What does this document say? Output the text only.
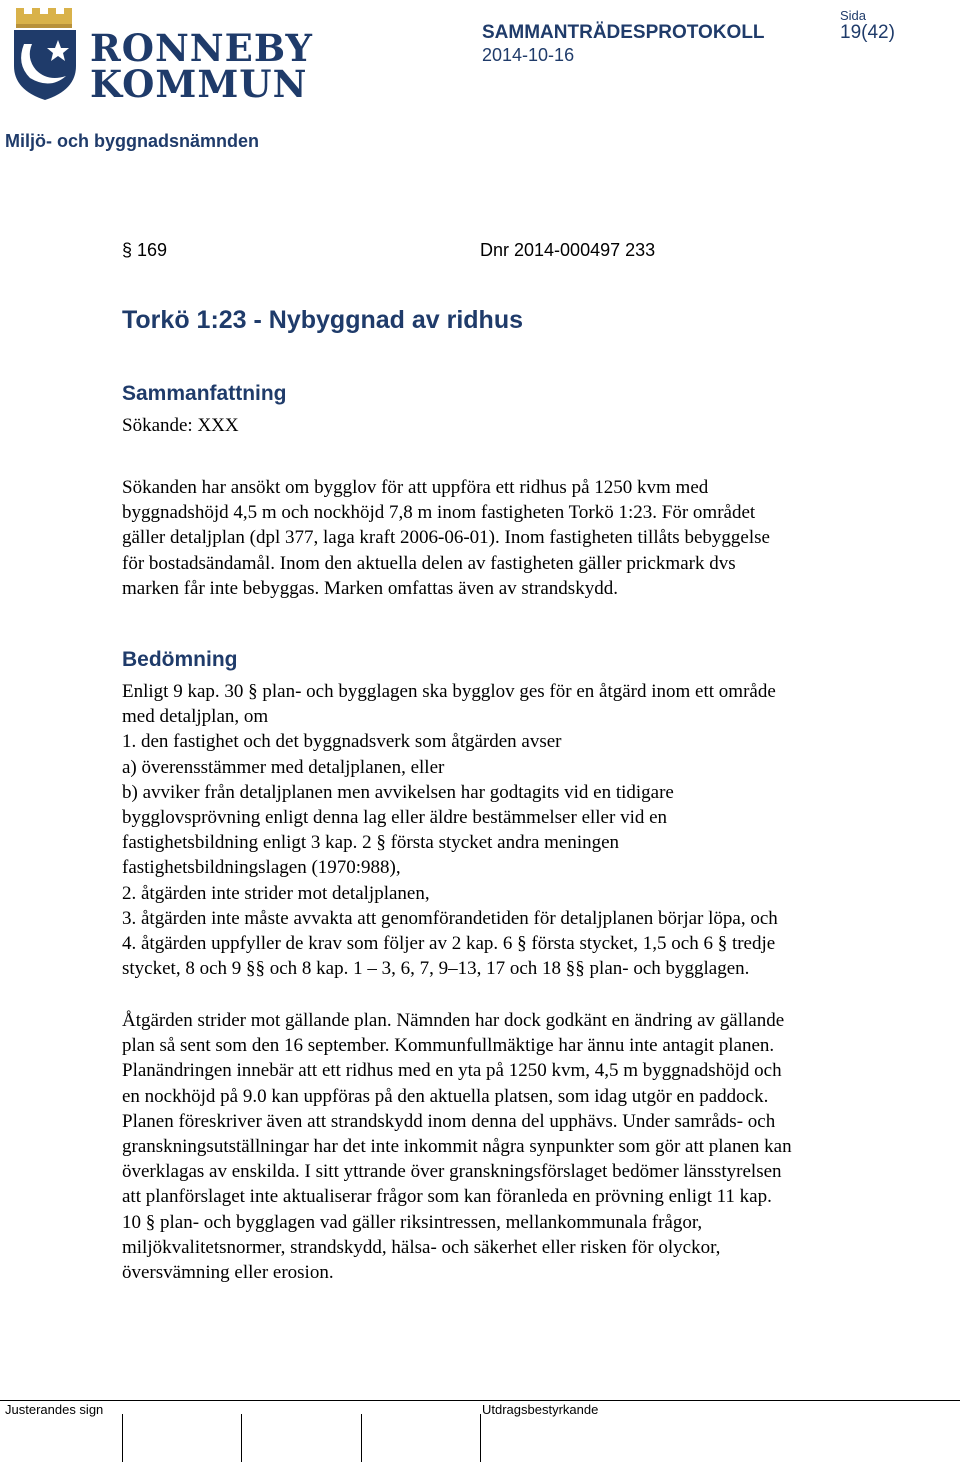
RONNEBY
KOMMUN
SAMMANTRÄDESPROTOKOLL
2014-10-16
Sida
19(42)
Miljö- och byggnadsnämnden
§ 169	Dnr 2014-000497 233
Torkö 1:23 - Nybyggnad av ridhus
Sammanfattning
Sökande: XXX
Sökanden har ansökt om bygglov för att uppföra ett ridhus på 1250 kvm med
byggnadshöjd 4,5 m och nockhöjd 7,8 m inom fastigheten Torkö 1:23. För området
gäller detaljplan (dpl 377, laga kraft 2006-06-01). Inom fastigheten tillåts bebyggelse
för bostadsändamål. Inom den aktuella delen av fastigheten gäller prickmark dvs
marken får inte bebyggas. Marken omfattas även av strandskydd.
Bedömning
Enligt 9 kap. 30 § plan- och bygglagen ska bygglov ges för en åtgärd inom ett område
med detaljplan, om
1. den fastighet och det byggnadsverk som åtgärden avser
a) överensstämmer med detaljplanen, eller
b) avviker från detaljplanen men avvikelsen har godtagits vid en tidigare
bygglovsprövning enligt denna lag eller äldre bestämmelser eller vid en
fastighetsbildning enligt 3 kap. 2 § första stycket andra meningen
fastighetsbildningslagen (1970:988),
2. åtgärden inte strider mot detaljplanen,
3. åtgärden inte måste avvakta att genomförandetiden för detaljplanen börjar löpa, och
4. åtgärden uppfyller de krav som följer av 2 kap. 6 § första stycket, 1,5 och 6 § tredje
stycket, 8 och 9 §§ och 8 kap. 1 – 3, 6, 7, 9–13, 17 och 18 §§ plan- och bygglagen.
Åtgärden strider mot gällande plan. Nämnden har dock godkänt en ändring av gällande
plan så sent som den 16 september. Kommunfullmäktige har ännu inte antagit planen.
Planändringen innebär att ett ridhus med en yta på 1250 kvm, 4,5 m byggnadshöjd och
en nockhöjd på 9.0 kan uppföras på den aktuella platsen, som idag utgör en paddock.
Planen föreskriver även att strandskydd inom denna del upphävs. Under samråds- och
granskningsutställningar har det inte inkommit några synpunkter som gör att planen kan
överklagas av enskilda. I sitt yttrande över granskningsförslaget bedömer länsstyrelsen
att planförslaget inte aktualiserar frågor som kan föranleda en prövning enligt 11 kap.
10 § plan- och bygglagen vad gäller riksintressen, mellankommunala frågor,
miljökvalitetsnormer, strandskydd, hälsa- och säkerhet eller risken för olyckor,
översvämning eller erosion.
Justerandes sign	Utdragsbestyrkande
